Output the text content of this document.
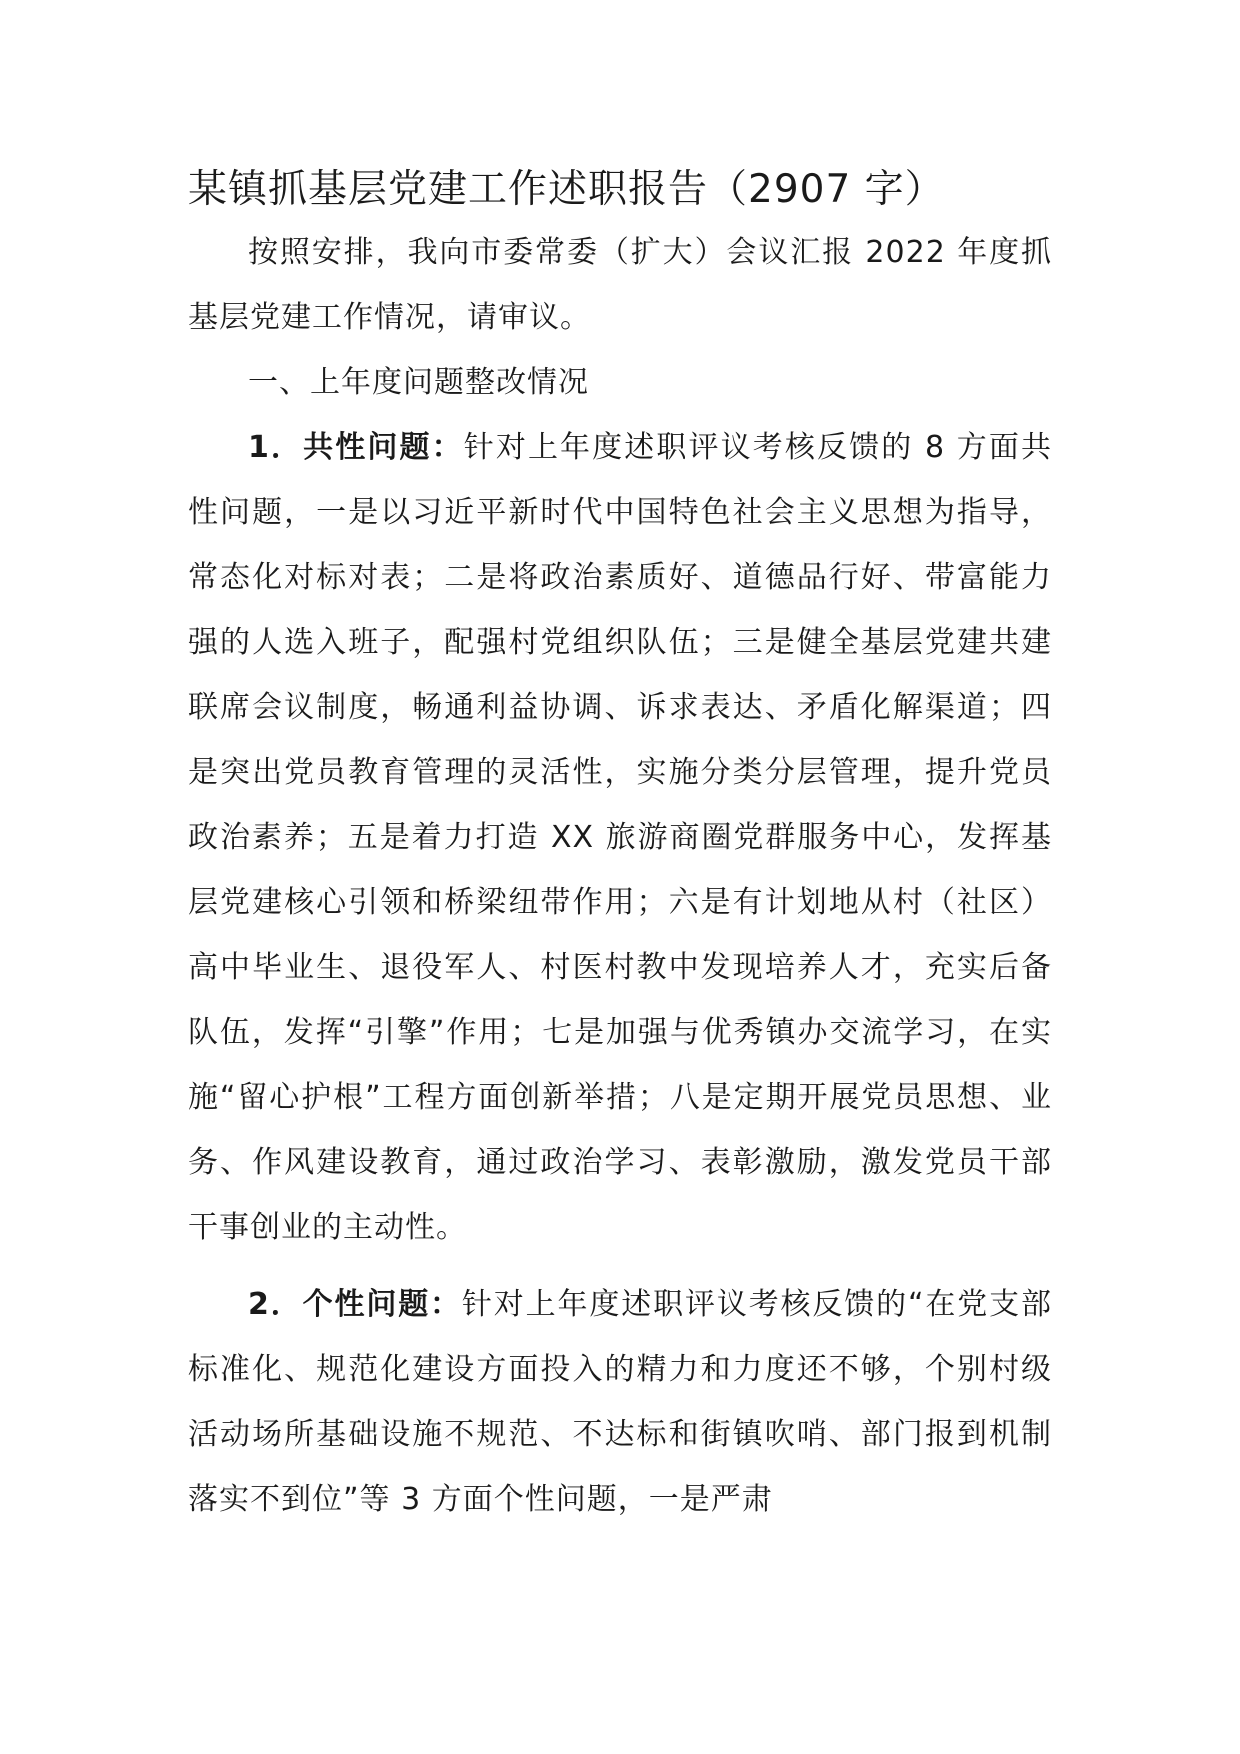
某镇抓基层党建工作述职报告（2907 字）

按照安排，我向市委常委（扩大）会议汇报 2022 年度抓基层党建工作情况，请审议。

一、上年度问题整改情况

1．共性问题：针对上年度述职评议考核反馈的 8 方面共性问题，一是以习近平新时代中国特色社会主义思想为指导，常态化对标对表；二是将政治素质好、道德品行好、带富能力强的人选入班子，配强村党组织队伍；三是健全基层党建共建联席会议制度，畅通利益协调、诉求表达、矛盾化解渠道；四是突出党员教育管理的灵活性，实施分类分层管理，提升党员政治素养；五是着力打造 XX 旅游商圈党群服务中心，发挥基层党建核心引领和桥梁纽带作用；六是有计划地从村（社区）高中毕业生、退役军人、村医村教中发现培养人才，充实后备队伍，发挥“引擎”作用；七是加强与优秀镇办交流学习，在实施“留心护根”工程方面创新举措；八是定期开展党员思想、业务、作风建设教育，通过政治学习、表彰激励，激发党员干部干事创业的主动性。

2．个性问题：针对上年度述职评议考核反馈的“在党支部标准化、规范化建设方面投入的精力和力度还不够，个别村级活动场所基础设施不规范、不达标和街镇吹哨、部门报到机制落实不到位”等 3 方面个性问题，一是严肃
